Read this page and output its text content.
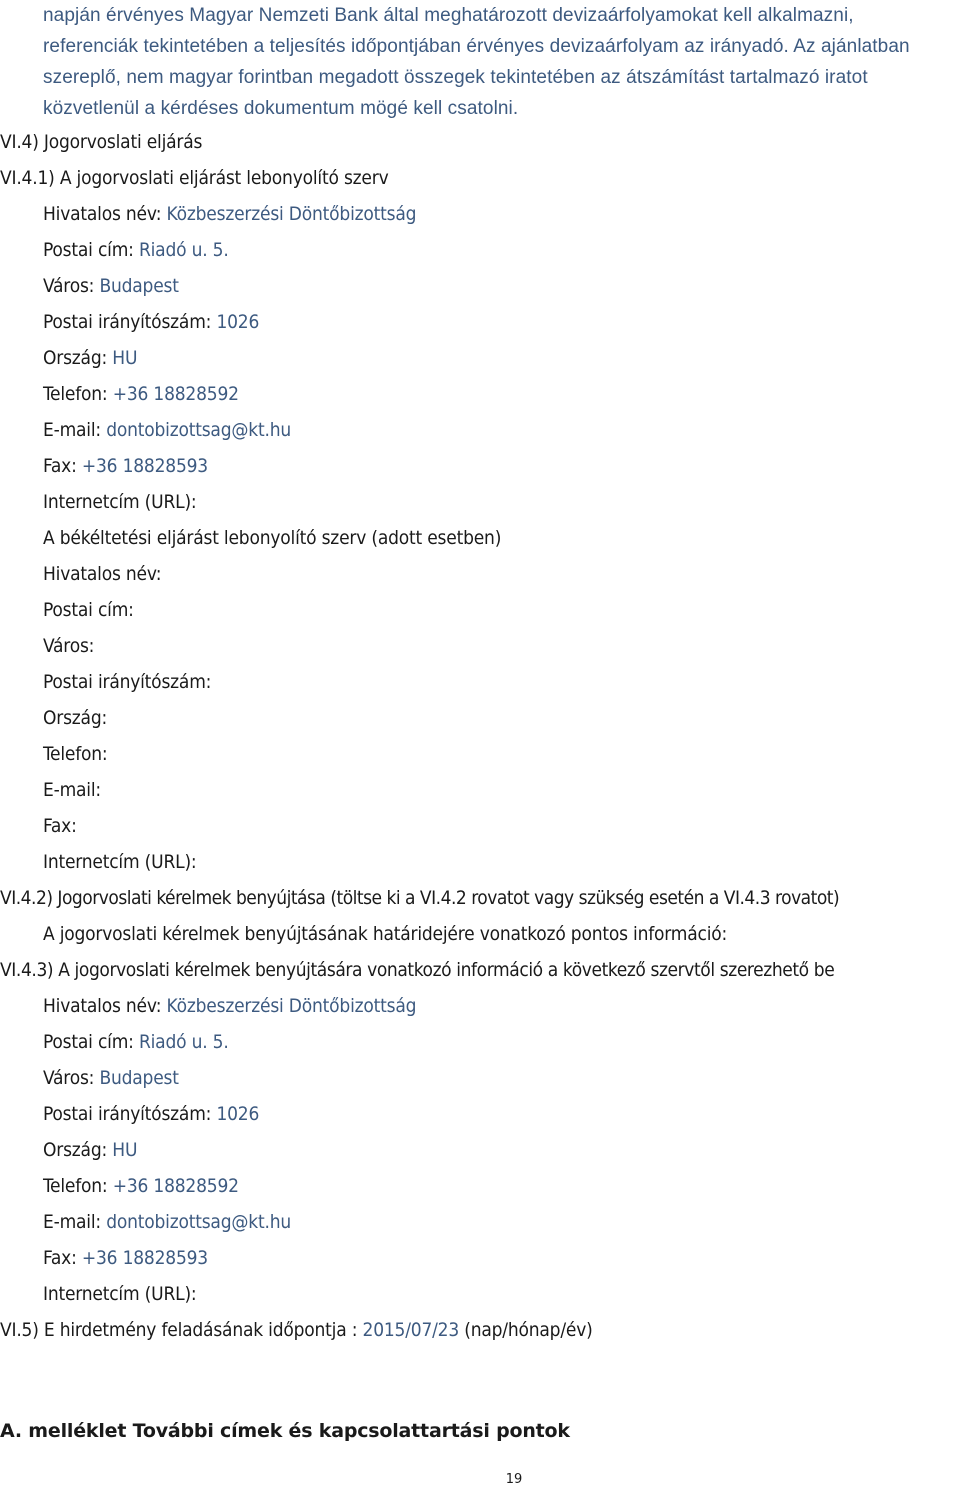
napján érvényes Magyar Nemzeti Bank által meghatározott devizaárfolyamokat kell alkalmazni, referenciák tekintetében a teljesítés időpontjában érvényes devizaárfolyam az irányadó. Az ajánlatban szereplő, nem magyar forintban megadott összegek tekintetében az átszámítást tartalmazó iratot közvetlenül a kérdéses dokumentum mögé kell csatolni.
VI.4) Jogorvoslati eljárás
VI.4.1) A jogorvoslati eljárást lebonyolító szerv
Hivatalos név: Közbeszerzési Döntőbizottság
Postai cím: Riadó u. 5.
Város: Budapest
Postai irányítószám: 1026
Ország: HU
Telefon: +36 18828592
E-mail: dontobizottsag@kt.hu
Fax: +36 18828593
Internetcím (URL):
A békéltetési eljárást lebonyolító szerv (adott esetben)
Hivatalos név:
Postai cím:
Város:
Postai irányítószám:
Ország:
Telefon:
E-mail:
Fax:
Internetcím (URL):
VI.4.2) Jogorvoslati kérelmek benyújtása (töltse ki a VI.4.2 rovatot vagy szükség esetén a VI.4.3 rovatot)
A jogorvoslati kérelmek benyújtásának határidejére vonatkozó pontos információ:
VI.4.3) A jogorvoslati kérelmek benyújtására vonatkozó információ a következő szervtől szerezhető be
Hivatalos név: Közbeszerzési Döntőbizottság
Postai cím: Riadó u. 5.
Város: Budapest
Postai irányítószám: 1026
Ország: HU
Telefon: +36 18828592
E-mail: dontobizottsag@kt.hu
Fax: +36 18828593
Internetcím (URL):
VI.5) E hirdetmény feladásának időpontja : 2015/07/23 (nap/hónap/év)
A. melléklet További címek és kapcsolattartási pontok
19
